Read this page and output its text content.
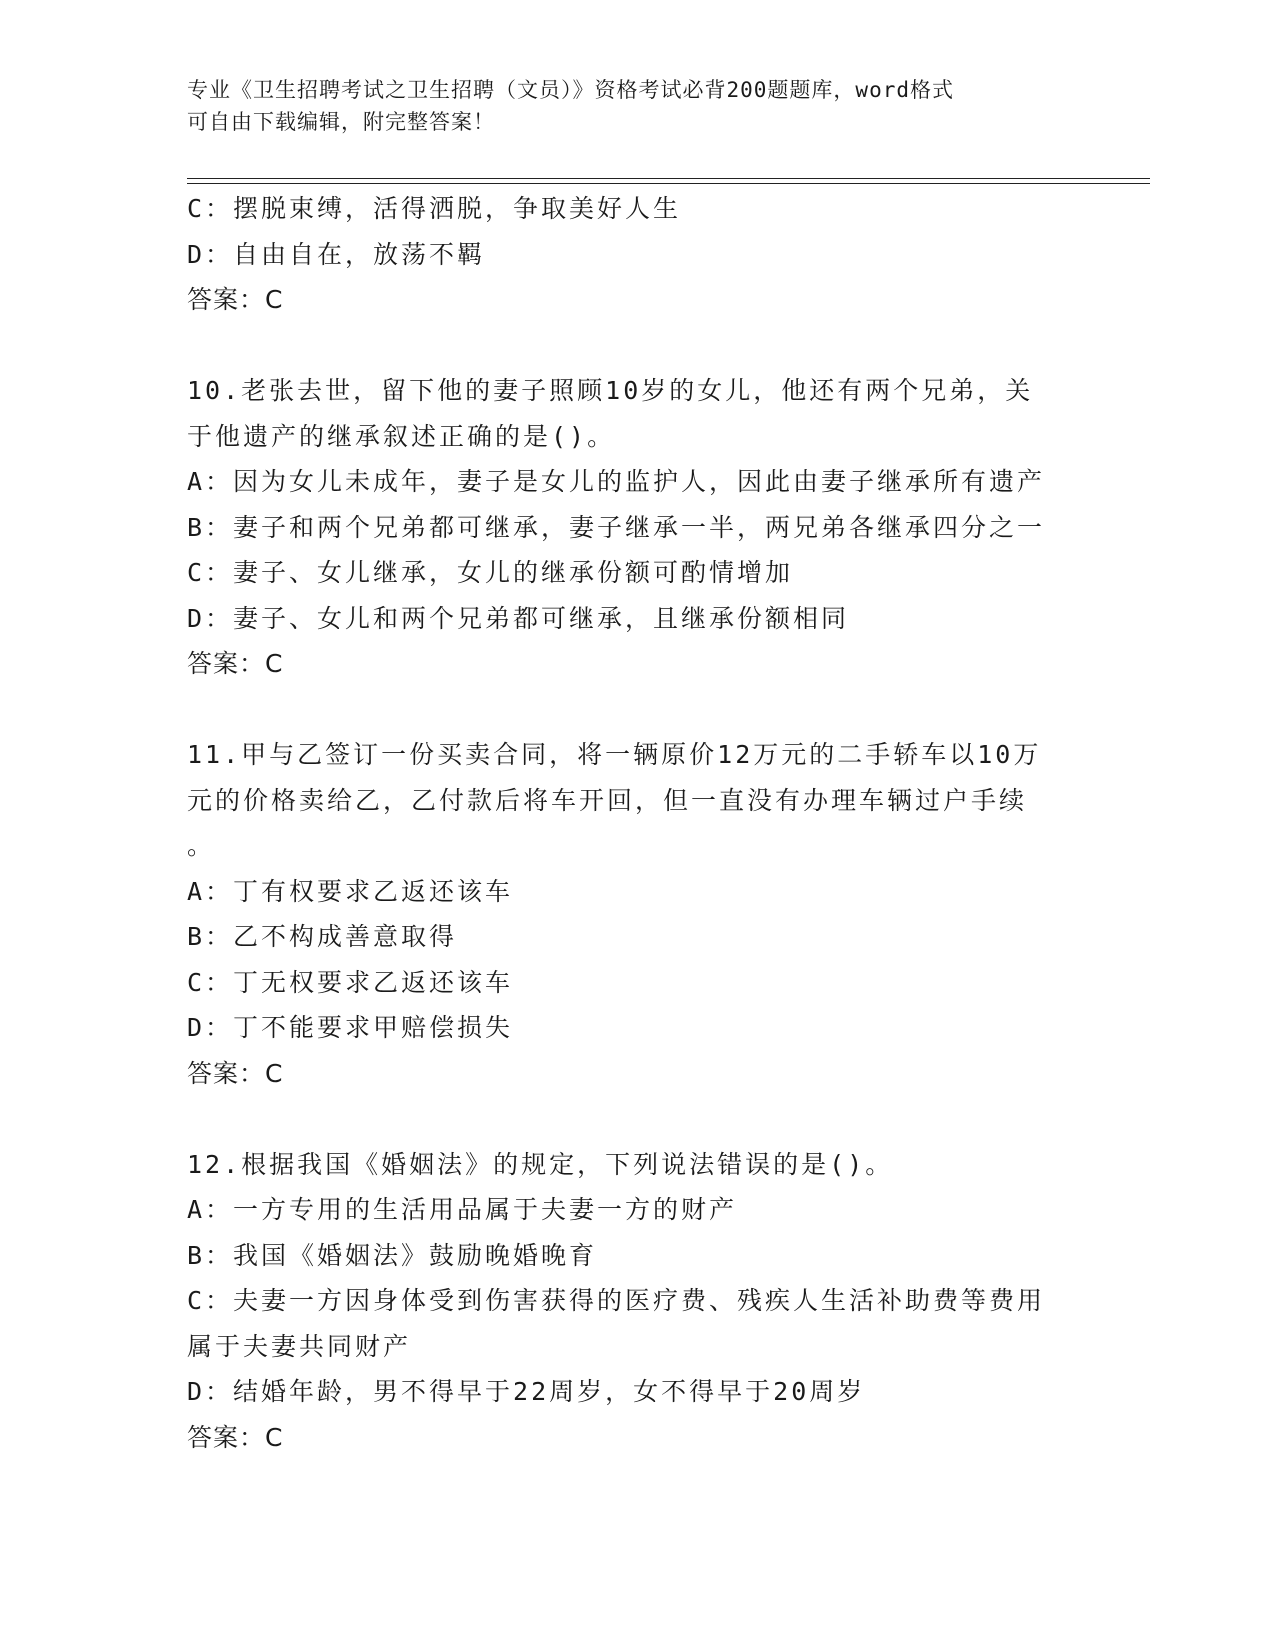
专业《卫生招聘考试之卫生招聘（文员）》资格考试必背200题题库，word格式
可自由下载编辑，附完整答案！
C：摆脱束缚，活得洒脱，争取美好人生
D：自由自在，放荡不羁
答案：C
10.老张去世，留下他的妻子照顾10岁的女儿，他还有两个兄弟，关
于他遗产的继承叙述正确的是()。
A：因为女儿未成年，妻子是女儿的监护人，因此由妻子继承所有遗产
B：妻子和两个兄弟都可继承，妻子继承一半，两兄弟各继承四分之一
C：妻子、女儿继承，女儿的继承份额可酌情增加
D：妻子、女儿和两个兄弟都可继承，且继承份额相同
答案：C
11.甲与乙签订一份买卖合同，将一辆原价12万元的二手轿车以10万
元的价格卖给乙，乙付款后将车开回，但一直没有办理车辆过户手续
。
A：丁有权要求乙返还该车
B：乙不构成善意取得
C：丁无权要求乙返还该车
D：丁不能要求甲赔偿损失
答案：C
12.根据我国《婚姻法》的规定，下列说法错误的是()。
A：一方专用的生活用品属于夫妻一方的财产
B：我国《婚姻法》鼓励晚婚晚育
C：夫妻一方因身体受到伤害获得的医疗费、残疾人生活补助费等费用
属于夫妻共同财产
D：结婚年龄，男不得早于22周岁，女不得早于20周岁
答案：C
